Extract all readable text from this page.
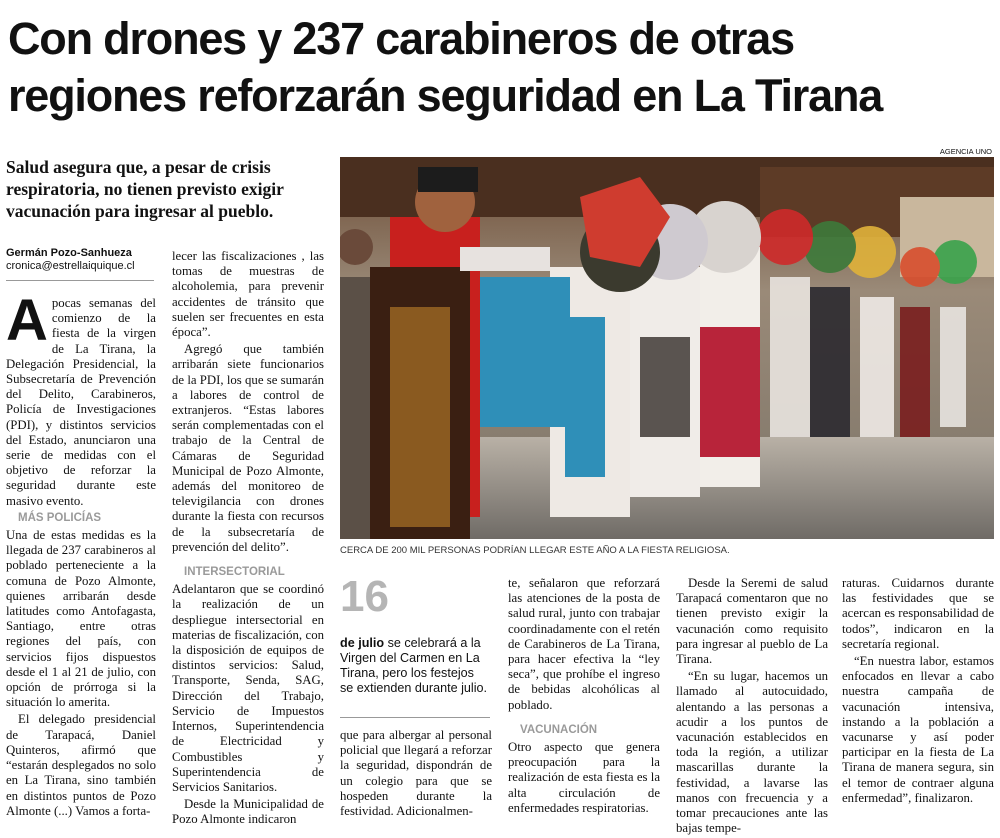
Con drones y 237 carabineros de otras
regiones reforzarán seguridad en La Tirana
Salud asegura que, a pesar de crisis respiratoria, no tienen previsto exigir vacunación para ingresar al pueblo.
Germán Pozo-Sanhueza
cronica@estrellaiquique.cl

Apocas semanas del comienzo de la fiesta de la virgen de La Tirana, la Delegación Presidencial, la Subsecretaría de Prevención del Delito, Carabineros, Policía de Investigaciones (PDI), y distintos servicios del Estado, anunciaron una serie de medidas con el objetivo de reforzar la seguridad durante este masivo evento.

MÁS POLICÍAS

Una de estas medidas es la llegada de 237 carabineros al poblado perteneciente a la comuna de Pozo Almonte, quienes arribarán desde latitudes como Antofagasta, Santiago, entre otras regiones del país, con servicios fijos dispuestos desde el 1 al 21 de julio, con opción de prórroga si la situación lo amerita.

El delegado presidencial de Tarapacá, Daniel Quinteros, afirmó que “estarán desplegados no solo en La Tirana, sino también en distintos puntos de Pozo Almonte (...) Vamos a forta-

lecer las fiscalizaciones , las tomas de muestras de alcoholemia, para prevenir accidentes de tránsito que suelen ser frecuentes en esta época”.

Agregó que también arribarán siete funcionarios de la PDI, los que se sumarán a labores de control de extranjeros. “Estas labores serán complementadas con el trabajo de la Central de Cámaras de Seguridad Municipal de Pozo Almonte, además del monitoreo de televigilancia con drones durante la fiesta con recursos de la subsecretaría de prevención del delito”.

INTERSECTORIAL

Adelantaron que se coordinó la realización de un despliegue intersectorial en materias de fiscalización, con la disposición de equipos de distintos servicios: Salud, Transporte, Senda, SAG, Dirección del Trabajo, Servicio de Impuestos Internos, Superintendencia de Electricidad y Combustibles y Superintendencia de Servicios Sanitarios.

Desde la Municipalidad de Pozo Almonte indicaron

AGENCIA UNO
CERCA DE 200 MIL PERSONAS PODRÍAN LLEGAR ESTE AÑO A LA FIESTA RELIGIOSA.
16
de julio se celebrará a la Virgen del Carmen en La Tirana, pero los festejos se extienden durante julio.

que para albergar al personal policial que llegará a reforzar la seguridad, dispondrán de un colegio para que se hospeden durante la festividad. Adicionalmen-

te, señalaron que reforzará las atenciones de la posta de salud rural, junto con trabajar coordinadamente con el retén de Carabineros de La Tirana, para hacer efectiva la “ley seca”, que prohíbe el ingreso de bebidas alcohólicas al poblado.

VACUNACIÓN

Otro aspecto que genera preocupación para la realización de esta fiesta es la alta circulación de enfermedades respiratorias.

Desde la Seremi de salud Tarapacá comentaron que no tienen previsto exigir la vacunación como requisito para ingresar al pueblo de La Tirana.

“En su lugar, hacemos un llamado al autocuidado, alentando a las personas a acudir a los puntos de vacunación establecidos en toda la región, a utilizar mascarillas durante la festividad, a lavarse las manos con frecuencia y a tomar precauciones ante las bajas tempe-

raturas. Cuidarnos durante las festividades que se acercan es responsabilidad de todos”, indicaron en la secretaría regional.

“En nuestra labor, estamos enfocados en llevar a cabo nuestra campaña de vacunación intensiva, instando a la población a vacunarse y así poder participar en la fiesta de La Tirana de manera segura, sin el temor de contraer alguna enfermedad”, finalizaron.
